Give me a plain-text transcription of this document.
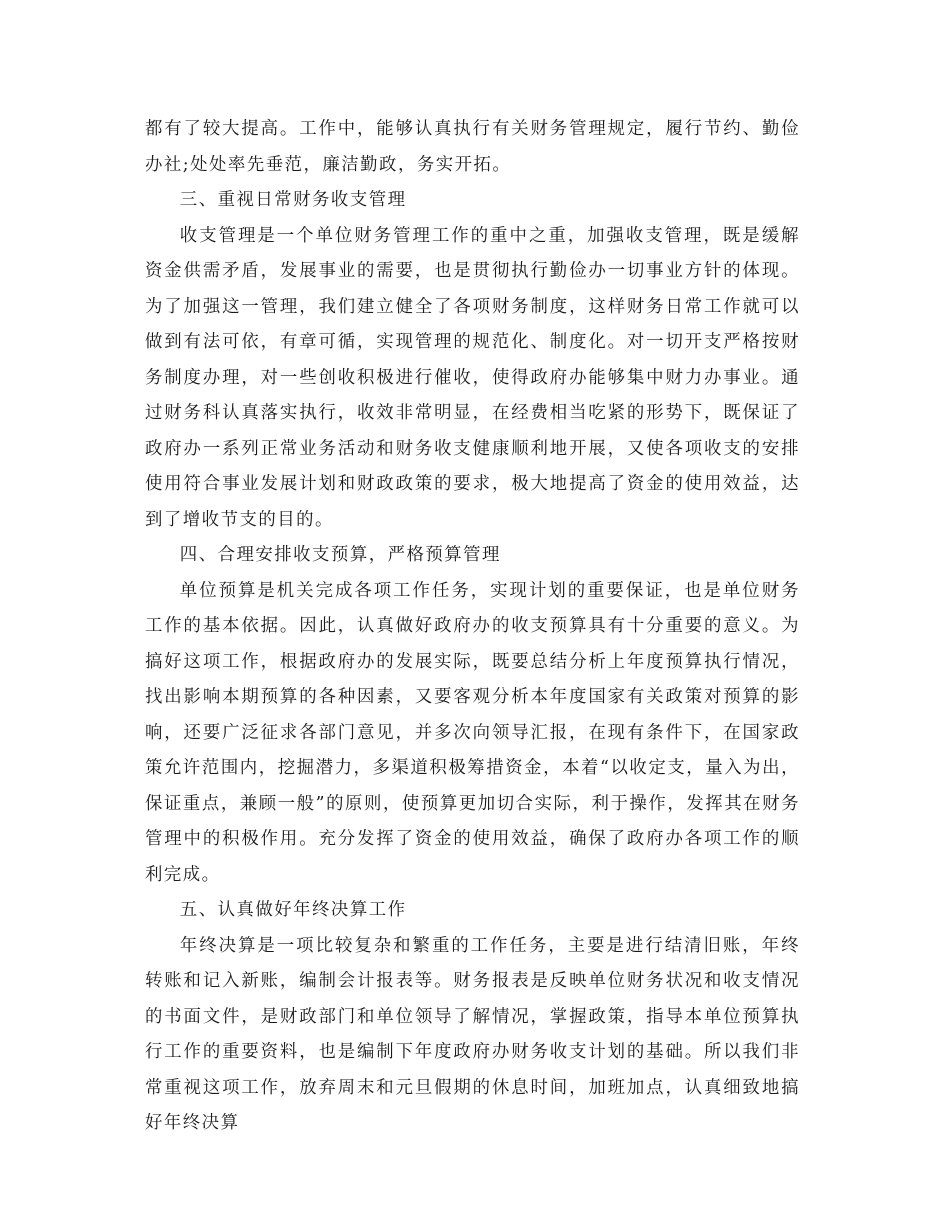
都有了较大提高。工作中，能够认真执行有关财务管理规定，履行节约、勤俭办社;处处率先垂范，廉洁勤政，务实开拓。

三、重视日常财务收支管理

收支管理是一个单位财务管理工作的重中之重，加强收支管理，既是缓解资金供需矛盾，发展事业的需要，也是贯彻执行勤俭办一切事业方针的体现。为了加强这一管理，我们建立健全了各项财务制度，这样财务日常工作就可以做到有法可依，有章可循，实现管理的规范化、制度化。对一切开支严格按财务制度办理，对一些创收积极进行催收，使得政府办能够集中财力办事业。通过财务科认真落实执行，收效非常明显，在经费相当吃紧的形势下，既保证了政府办一系列正常业务活动和财务收支健康顺利地开展，又使各项收支的安排使用符合事业发展计划和财政政策的要求，极大地提高了资金的使用效益，达到了增收节支的目的。

四、合理安排收支预算，严格预算管理

单位预算是机关完成各项工作任务，实现计划的重要保证，也是单位财务工作的基本依据。因此，认真做好政府办的收支预算具有十分重要的意义。为搞好这项工作，根据政府办的发展实际，既要总结分析上年度预算执行情况，找出影响本期预算的各种因素，又要客观分析本年度国家有关政策对预算的影响，还要广泛征求各部门意见，并多次向领导汇报，在现有条件下，在国家政策允许范围内，挖掘潜力，多渠道积极筹措资金，本着“以收定支，量入为出，保证重点，兼顾一般”的原则，使预算更加切合实际，利于操作，发挥其在财务管理中的积极作用。充分发挥了资金的使用效益，确保了政府办各项工作的顺利完成。

五、认真做好年终决算工作

年终决算是一项比较复杂和繁重的工作任务，主要是进行结清旧账，年终转账和记入新账，编制会计报表等。财务报表是反映单位财务状况和收支情况的书面文件，是财政部门和单位领导了解情况，掌握政策，指导本单位预算执行工作的重要资料，也是编制下年度政府办财务收支计划的基础。所以我们非常重视这项工作，放弃周末和元旦假期的休息时间，加班加点，认真细致地搞好年终决算
